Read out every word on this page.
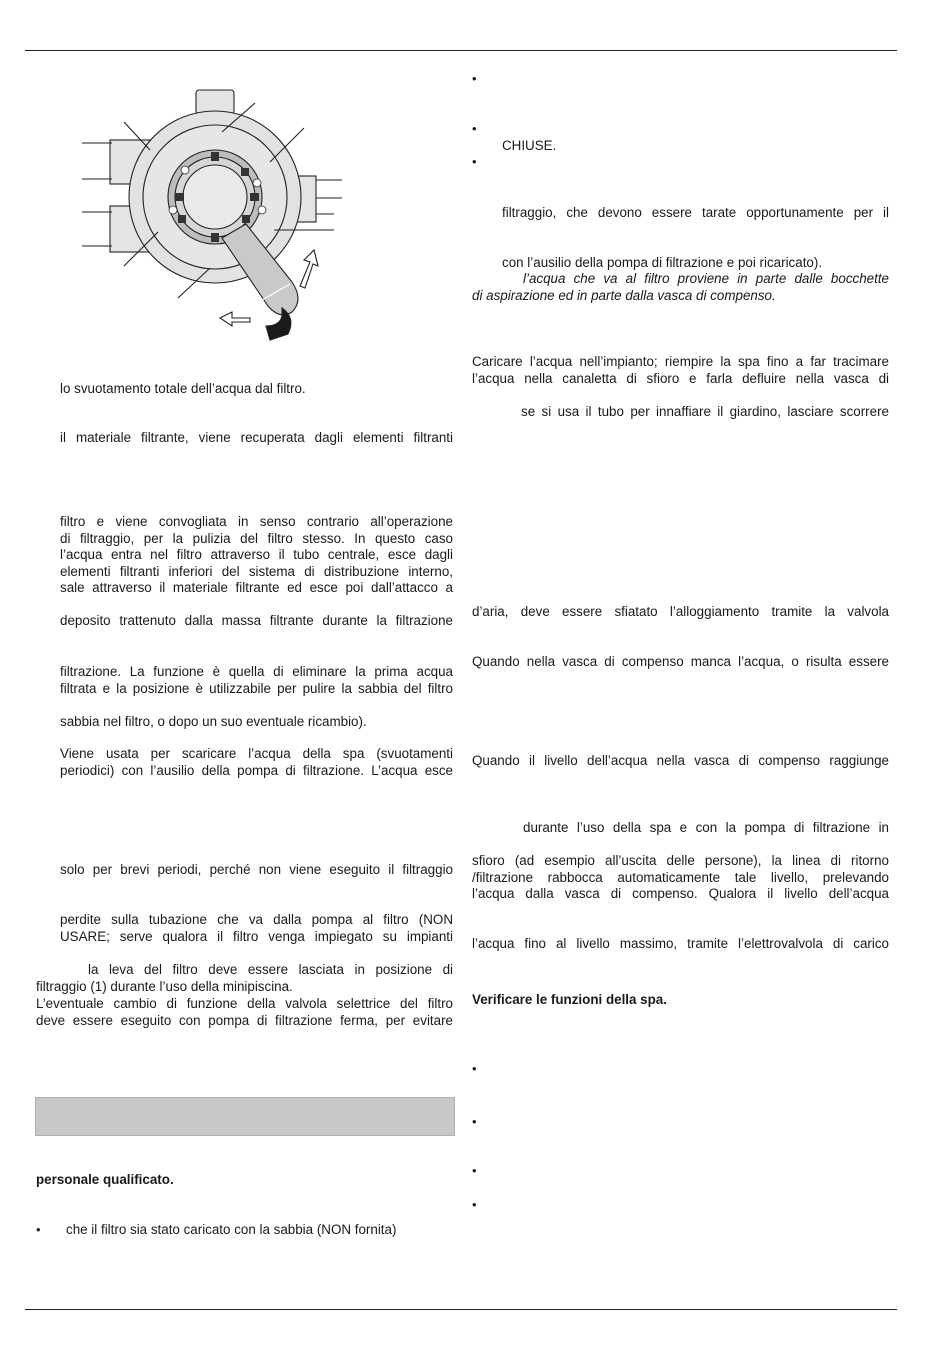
lo svuotamento totale dell’acqua dal filtro.
il materiale filtrante, viene recuperata dagli elementi filtranti
filtro e viene convogliata in senso contrario all’operazione
di filtraggio, per la pulizia del filtro stesso. In questo caso
l’acqua entra nel filtro attraverso il tubo centrale, esce dagli
elementi filtranti inferiori del sistema di distribuzione interno,
sale attraverso il materiale filtrante ed esce poi dall’attacco a
deposito trattenuto dalla massa filtrante durante la filtrazione
filtrazione. La funzione è quella di eliminare la prima acqua
filtrata e la posizione è utilizzabile per pulire la sabbia del filtro
sabbia nel filtro, o dopo un suo eventuale ricambio).
Viene usata per scaricare l’acqua della spa (svuotamenti
periodici) con l’ausilio della pompa di filtrazione. L’acqua esce
solo per brevi periodi, perché non viene eseguito il filtraggio
perdite sulla tubazione che va dalla pompa al filtro (NON
USARE; serve qualora il filtro venga impiegato su impianti
la leva del filtro deve essere lasciata in posizione di
filtraggio (1) durante l’uso della minipiscina.
L’eventuale cambio di funzione della valvola selettrice del filtro
deve essere eseguito con pompa di filtrazione ferma, per evitare
personale qualificato.
• che il filtro sia stato caricato con la sabbia (NON fornita)
•
•
CHIUSE.
•
filtraggio, che devono essere tarate opportunamente per il
con l’ausilio della pompa di filtrazione e poi ricaricato).
l’acqua che va al filtro proviene in parte dalle bocchette
di aspirazione ed in parte dalla vasca di compenso.
Caricare l’acqua nell’impianto; riempire la spa fino a far tracimare
l’acqua nella canaletta di sfioro e farla defluire nella vasca di
se si usa il tubo per innaffiare il giardino, lasciare scorrere
d’aria, deve essere sfiatato l’alloggiamento tramite la valvola
Quando nella vasca di compenso manca l’acqua, o risulta essere
Quando il livello dell’acqua nella vasca di compenso raggiunge
durante l’uso della spa e con la pompa di filtrazione in
sfioro (ad esempio all’uscita delle persone), la linea di ritorno
/filtrazione rabbocca automaticamente tale livello, prelevando
l’acqua dalla vasca di compenso. Qualora il livello dell’acqua
l’acqua fino al livello massimo, tramite l’elettrovalvola di carico
Verificare le funzioni della spa.
•
•
•
•
